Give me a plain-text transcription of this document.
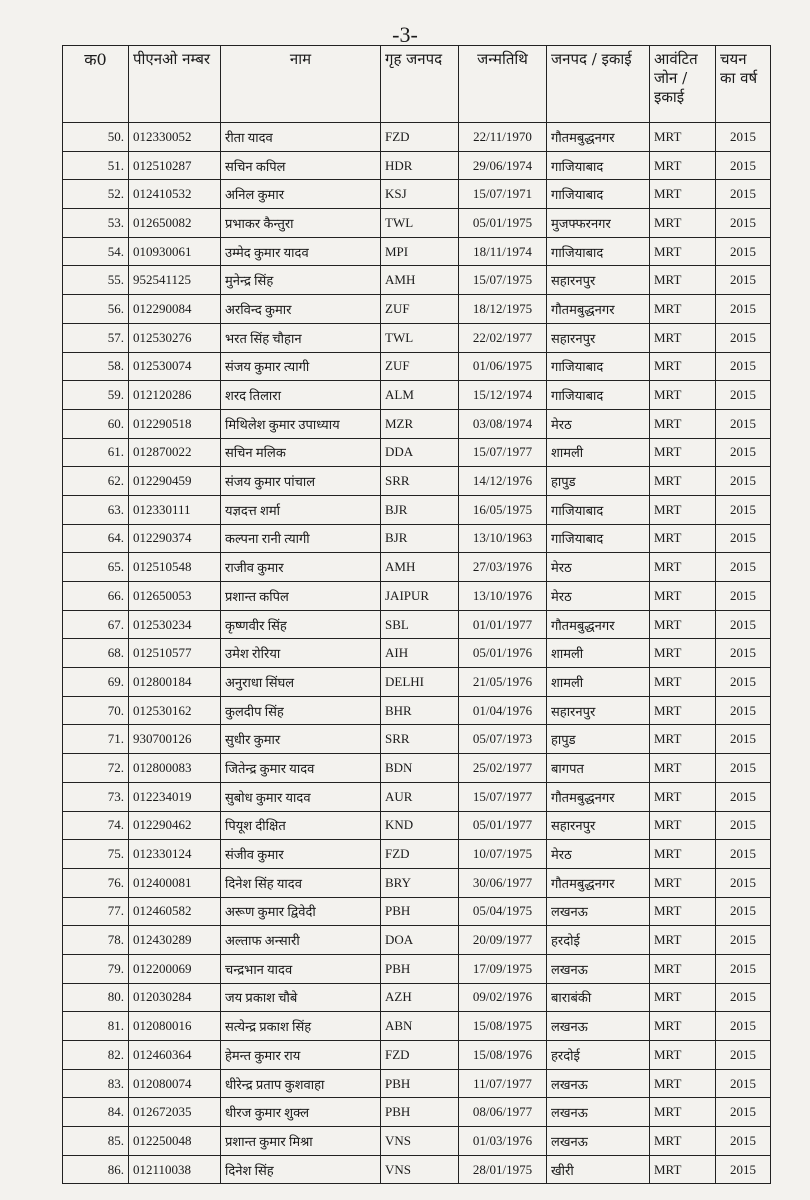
-3-
क0	पीएनओ नम्बर	नाम	गृह जनपद	जन्मतिथि	जनपद / इकाई	आवंटित जोन / इकाई	चयन का वर्ष
50.	012330052	रीता यादव	FZD	22/11/1970	गौतमबुद्धनगर	MRT	2015
51.	012510287	सचिन कपिल	HDR	29/06/1974	गाजियाबाद	MRT	2015
52.	012410532	अनिल कुमार	KSJ	15/07/1971	गाजियाबाद	MRT	2015
53.	012650082	प्रभाकर कैन्तुरा	TWL	05/01/1975	मुजफ्फरनगर	MRT	2015
54.	010930061	उम्मेद कुमार यादव	MPI	18/11/1974	गाजियाबाद	MRT	2015
55.	952541125	मुनेन्द्र सिंह	AMH	15/07/1975	सहारनपुर	MRT	2015
56.	012290084	अरविन्द कुमार	ZUF	18/12/1975	गौतमबुद्धनगर	MRT	2015
57.	012530276	भरत सिंह चौहान	TWL	22/02/1977	सहारनपुर	MRT	2015
58.	012530074	संजय कुमार त्यागी	ZUF	01/06/1975	गाजियाबाद	MRT	2015
59.	012120286	शरद तिलारा	ALM	15/12/1974	गाजियाबाद	MRT	2015
60.	012290518	मिथिलेश कुमार उपाध्याय	MZR	03/08/1974	मेरठ	MRT	2015
61.	012870022	सचिन मलिक	DDA	15/07/1977	शामली	MRT	2015
62.	012290459	संजय कुमार पांचाल	SRR	14/12/1976	हापुड	MRT	2015
63.	012330111	यज्ञदत्त शर्मा	BJR	16/05/1975	गाजियाबाद	MRT	2015
64.	012290374	कल्पना रानी त्यागी	BJR	13/10/1963	गाजियाबाद	MRT	2015
65.	012510548	राजीव कुमार	AMH	27/03/1976	मेरठ	MRT	2015
66.	012650053	प्रशान्त कपिल	JAIPUR	13/10/1976	मेरठ	MRT	2015
67.	012530234	कृष्णवीर सिंह	SBL	01/01/1977	गौतमबुद्धनगर	MRT	2015
68.	012510577	उमेश रोरिया	AIH	05/01/1976	शामली	MRT	2015
69.	012800184	अनुराधा सिंघल	DELHI	21/05/1976	शामली	MRT	2015
70.	012530162	कुलदीप सिंह	BHR	01/04/1976	सहारनपुर	MRT	2015
71.	930700126	सुधीर कुमार	SRR	05/07/1973	हापुड	MRT	2015
72.	012800083	जितेन्द्र कुमार यादव	BDN	25/02/1977	बागपत	MRT	2015
73.	012234019	सुबोध कुमार यादव	AUR	15/07/1977	गौतमबुद्धनगर	MRT	2015
74.	012290462	पियूश दीक्षित	KND	05/01/1977	सहारनपुर	MRT	2015
75.	012330124	संजीव कुमार	FZD	10/07/1975	मेरठ	MRT	2015
76.	012400081	दिनेश सिंह यादव	BRY	30/06/1977	गौतमबुद्धनगर	MRT	2015
77.	012460582	अरूण कुमार द्विवेदी	PBH	05/04/1975	लखनऊ	MRT	2015
78.	012430289	अल्ताफ अन्सारी	DOA	20/09/1977	हरदोई	MRT	2015
79.	012200069	चन्द्रभान यादव	PBH	17/09/1975	लखनऊ	MRT	2015
80.	012030284	जय प्रकाश चौबे	AZH	09/02/1976	बाराबंकी	MRT	2015
81.	012080016	सत्येन्द्र प्रकाश सिंह	ABN	15/08/1975	लखनऊ	MRT	2015
82.	012460364	हेमन्त कुमार राय	FZD	15/08/1976	हरदोई	MRT	2015
83.	012080074	धीरेन्द्र प्रताप कुशवाहा	PBH	11/07/1977	लखनऊ	MRT	2015
84.	012672035	धीरज कुमार शुक्ल	PBH	08/06/1977	लखनऊ	MRT	2015
85.	012250048	प्रशान्त कुमार मिश्रा	VNS	01/03/1976	लखनऊ	MRT	2015
86.	012110038	दिनेश सिंह	VNS	28/01/1975	खीरी	MRT	2015
